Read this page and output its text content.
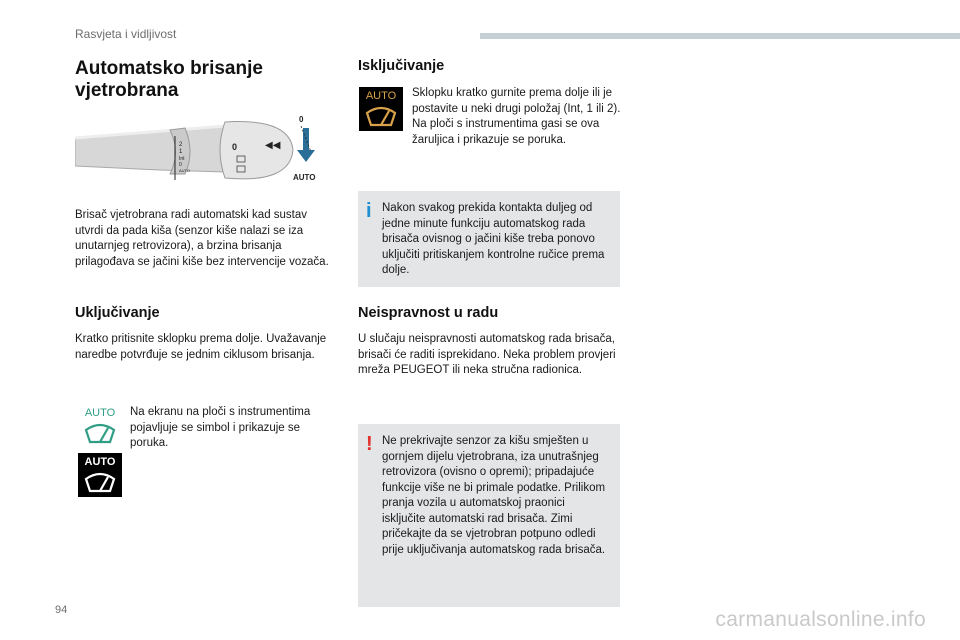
Rasvjeta i vidljivost
Automatsko brisanje vjetrobrana
2
1
Int
0
AUTO
0	◀◀
0
AUTO
Brisač vjetrobrana radi automatski kad sustav utvrdi da pada kiša (senzor kiše nalazi se iza unutarnjeg retrovizora), a brzina brisanja prilagođava se jačini kiše bez intervencije vozača.
Uključivanje
Kratko pritisnite sklopku prema dolje. Uvažavanje naredbe potvrđuje se jednim ciklusom brisanja.
AUTO
AUTO
Na ekranu na ploči s instrumentima pojavljuje se simbol i prikazuje se poruka.
Isključivanje
AUTO Sklopku kratko gurnite prema dolje ili je postavite u neki drugi položaj (Int, 1 ili 2). Na ploči s instrumentima gasi se ova žaruljica i prikazuje se poruka.
i Nakon svakog prekida kontakta duljeg od jedne minute funkciju automatskog rada brisača ovisnog o jačini kiše treba ponovo uključiti pritiskanjem kontrolne ručice prema dolje.
Neispravnost u radu
U slučaju neispravnosti automatskog rada brisača, brisači će raditi isprekidano. Neka problem provjeri mreža PEUGEOT ili neka stručna radionica.
! Ne prekrivajte senzor za kišu smješten u gornjem dijelu vjetrobrana, iza unutrašnjeg retrovizora (ovisno o opremi); pripadajuće funkcije više ne bi primale podatke. Prilikom pranja vozila u automatskoj praonici isključite automatski rad brisača. Zimi pričekajte da se vjetrobran potpuno odledi prije uključivanja automatskog rada brisača.
94	carmanualsonline.info
